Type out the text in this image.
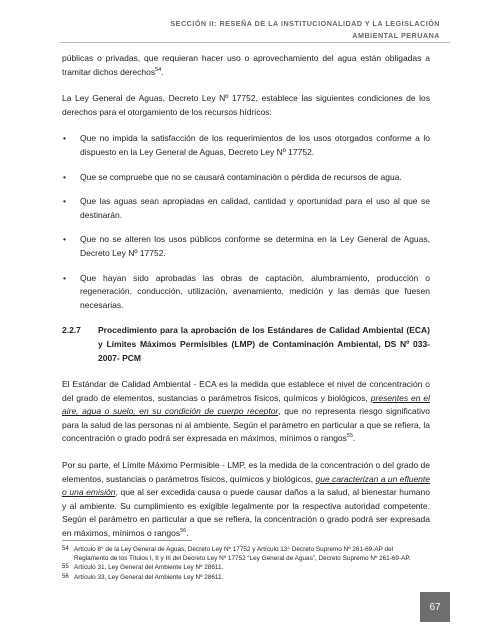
SECCIÓN II: RESEÑA DE LA INSTITUCIONALIDAD Y LA LEGISLACIÓN
AMBIENTAL PERUANA

públicas o privadas, que requieran hacer uso o aprovechamiento del agua están obligadas a tramitar dichos derechos$^{54}$.

La Ley General de Aguas, Decreto Ley Nº 17752, establece las siguientes condiciones de los derechos para el otorgamiento de los recursos hídricos:

• Que no impida la satisfacción de los requerimientos de los usos otorgados conforme a lo dispuesto en la Ley General de Aguas, Decreto Ley Nº 17752.
• Que se compruebe que no se causará contaminación o pérdida de recursos de agua.
• Que las aguas sean apropiadas en calidad, cantidad y oportunidad para el uso al que se destinarán.
• Que no se alteren los usos públicos conforme se determina en la Ley General de Aguas, Decreto Ley Nº 17752.
• Que hayan sido aprobadas las obras de captación, alumbramiento, producción o regeneración, conducción, utilización, avenamiento, medición y las demás que fuesen necesarias.
2.2.7	Procedimiento para la aprobación de los Estándares de Calidad Ambiental (ECA) y Límites Máximos Permisibles (LMP) de Contaminación Ambiental, DS Nº 033-2007- PCM

El Estándar de Calidad Ambiental - ECA es la medida que establece el nivel de concentración o del grado de elementos, sustancias o parámetros físicos, químicos y biológicos, presentes en el aire, agua o suelo, en su condición de cuerpo receptor, que no representa riesgo significativo para la salud de las personas ni al ambiente. Según el parámetro en particular a que se refiera, la concentración o grado podrá ser expresada en máximos, mínimos o rangos$^{55}$.

Por su parte, el Límite Máximo Permisible - LMP, es la medida de la concentración o del grado de elementos, sustancias o parámetros físicos, químicos y biológicos, que caracterizan a un efluente o una emisión, que al ser excedida causa o puede causar daños a la salud, al bienestar humano y al ambiente. Su cumplimiento es exigible legalmente por la respectiva autoridad competente. Según el parámetro en particular a que se refiera, la concentración o grado podrá ser expresada en máximos, mínimos o rangos$^{56}$.

54 Artículo 8° de la Ley General de Aguas, Decreto Ley Nº 17752 y Artículo 13° Decreto Supremo Nº 261-69-AP del Reglamento de los Títulos I, II y III del Decreto Ley Nº 17752 “Ley General de Aguas”, Decreto Supremo Nº 261-69-AP.
55 Artículo 31, Ley General del Ambiente Ley Nº 28611.
56 Artículo 33, Ley General del Ambiente Ley Nº 28611.
67
